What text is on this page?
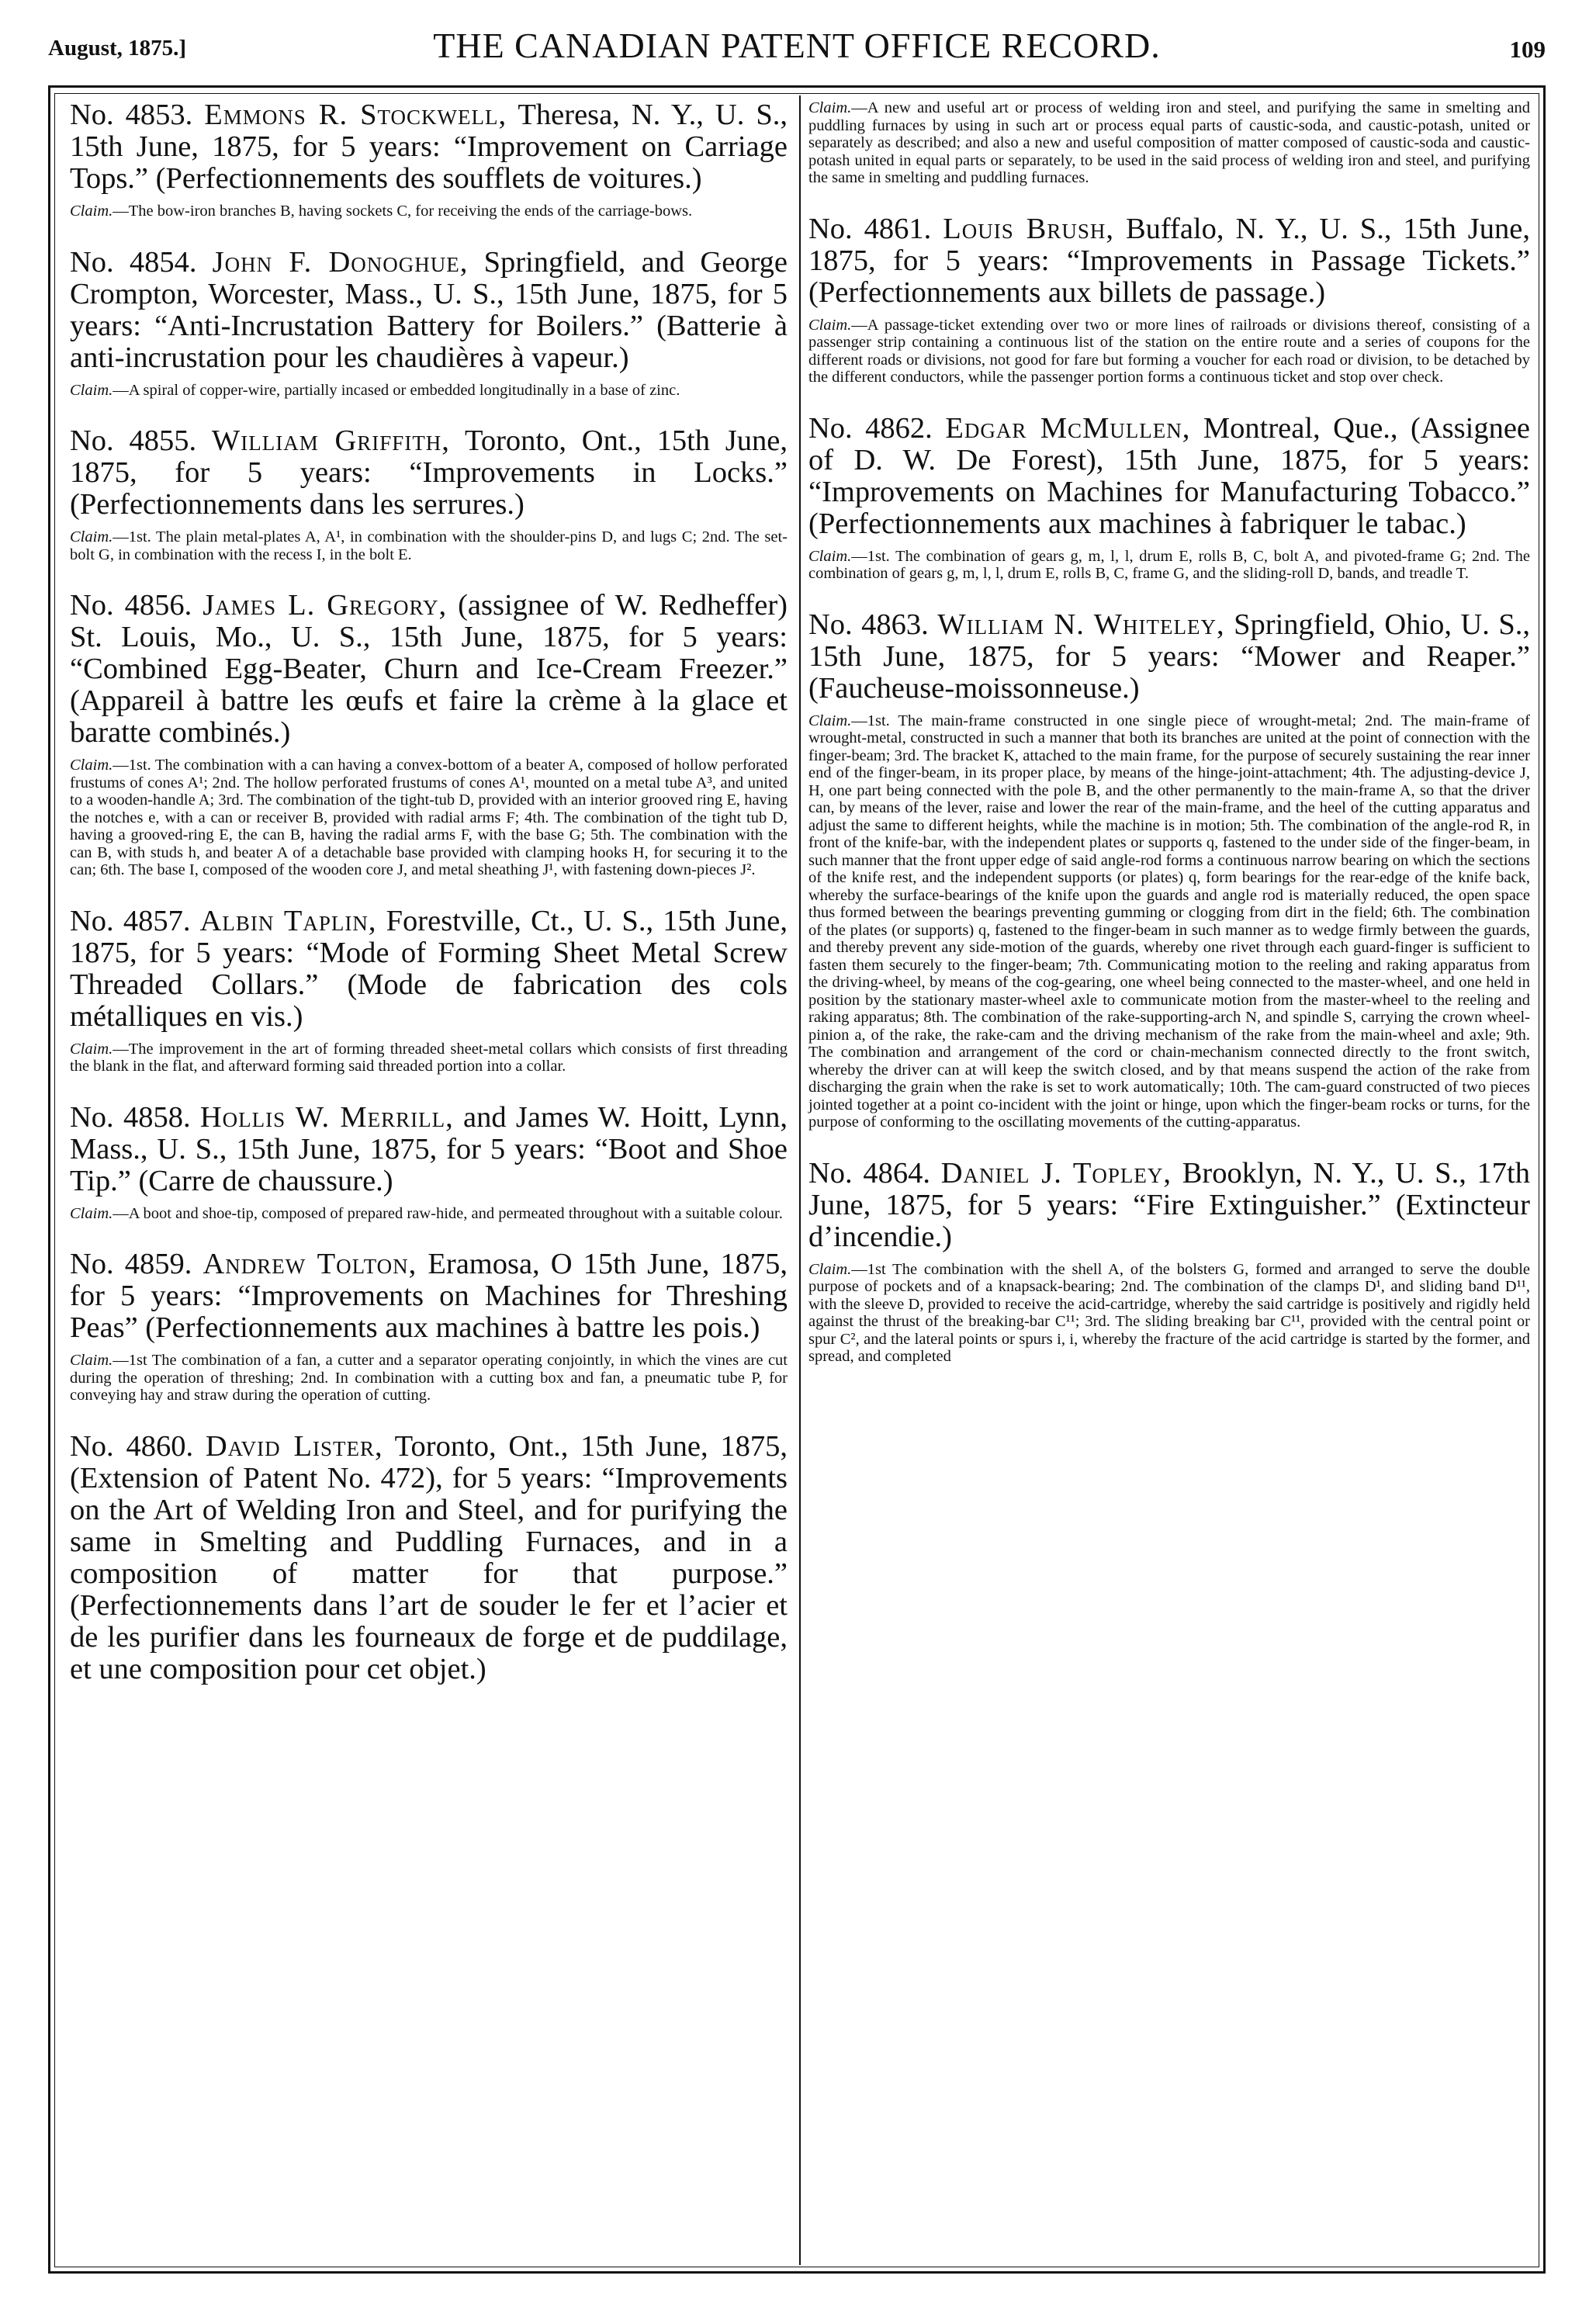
August, 1875.]	THE CANADIAN PATENT OFFICE RECORD.	109

No. 4853. Emmons R. Stockwell, Theresa, N. Y., U. S., 15th June, 1875, for 5 years: “Improvement on Carriage Tops.” (Perfectionnements des soufflets de voitures.)

Claim.—The bow-iron branches B, having sockets C, for receiving the ends of the carriage-bows.

No. 4854. John F. Donoghue, Springfield, and George Crompton, Worcester, Mass., U. S., 15th June, 1875, for 5 years: “Anti-Incrustation Battery for Boilers.” (Batterie à anti-incrustation pour les chaudières à vapeur.)

Claim.—A spiral of copper-wire, partially incased or embedded longitudinally in a base of zinc.

No. 4855. William Griffith, Toronto, Ont., 15th June, 1875, for 5 years: “Improvements in Locks.” (Perfectionnements dans les serrures.)

Claim.—1st. The plain metal-plates A, A¹, in combination with the shoulder-pins D, and lugs C; 2nd. The set-bolt G, in combination with the recess I, in the bolt E.

No. 4856. James L. Gregory, (assignee of W. Redheffer) St. Louis, Mo., U. S., 15th June, 1875, for 5 years: “Combined Egg-Beater, Churn and Ice-Cream Freezer.” (Appareil à battre les œufs et faire la crème à la glace et baratte combinés.)

Claim.—1st. The combination with a can having a convex-bottom of a beater A, composed of hollow perforated frustums of cones A¹; 2nd. The hollow perforated frustums of cones A¹, mounted on a metal tube A³, and united to a wooden-handle A; 3rd. The combination of the tight-tub D, provided with an interior grooved ring E, having the notches e, with a can or receiver B, provided with radial arms F; 4th. The combination of the tight tub D, having a grooved-ring E, the can B, having the radial arms F, with the base G; 5th. The combination with the can B, with studs h, and beater A of a detachable base provided with clamping hooks H, for securing it to the can; 6th. The base I, composed of the wooden core J, and metal sheathing J¹, with fastening down-pieces J².

No. 4857. Albin Taplin, Forestville, Ct., U. S., 15th June, 1875, for 5 years: “Mode of Forming Sheet Metal Screw Threaded Collars.” (Mode de fabrication des cols métalliques en vis.)

Claim.—The improvement in the art of forming threaded sheet-metal collars which consists of first threading the blank in the flat, and afterward forming said threaded portion into a collar.

No. 4858. Hollis W. Merrill, and James W. Hoitt, Lynn, Mass., U. S., 15th June, 1875, for 5 years: “Boot and Shoe Tip.” (Carre de chaussure.)

Claim.—A boot and shoe-tip, composed of prepared raw-hide, and permeated throughout with a suitable colour.

No. 4859. Andrew Tolton, Eramosa, O 15th June, 1875, for 5 years: “Improvements on Machines for Threshing Peas” (Perfectionnements aux machines à battre les pois.)

Claim.—1st The combination of a fan, a cutter and a separator operating conjointly, in which the vines are cut during the operation of threshing; 2nd. In combination with a cutting box and fan, a pneumatic tube P, for conveying hay and straw during the operation of cutting.

No. 4860. David Lister, Toronto, Ont., 15th June, 1875, (Extension of Patent No. 472), for 5 years: “Improvements on the Art of Welding Iron and Steel, and for purifying the same in Smelting and Puddling Furnaces, and in a composition of matter for that purpose.” (Perfectionnements dans l’art de souder le fer et l’acier et de les purifier dans les fourneaux de forge et de puddilage, et une composition pour cet objet.)

Claim.—A new and useful art or process of welding iron and steel, and purifying the same in smelting and puddling furnaces by using in such art or process equal parts of caustic-soda, and caustic-potash, united or separately as described; and also a new and useful composition of matter composed of caustic-soda and caustic-potash united in equal parts or separately, to be used in the said process of welding iron and steel, and purifying the same in smelting and puddling furnaces.

No. 4861. Louis Brush, Buffalo, N. Y., U. S., 15th June, 1875, for 5 years: “Improvements in Passage Tickets.” (Perfectionnements aux billets de passage.)

Claim.—A passage-ticket extending over two or more lines of railroads or divisions thereof, consisting of a passenger strip containing a continuous list of the station on the entire route and a series of coupons for the different roads or divisions, not good for fare but forming a voucher for each road or division, to be detached by the different conductors, while the passenger portion forms a continuous ticket and stop over check.

No. 4862. Edgar McMullen, Montreal, Que., (Assignee of D. W. De Forest), 15th June, 1875, for 5 years: “Improvements on Machines for Manufacturing Tobacco.” (Perfectionnements aux machines à fabriquer le tabac.)

Claim.—1st. The combination of gears g, m, l, l, drum E, rolls B, C, bolt A, and pivoted-frame G; 2nd. The combination of gears g, m, l, l, drum E, rolls B, C, frame G, and the sliding-roll D, bands, and treadle T.

No. 4863. William N. Whiteley, Springfield, Ohio, U. S., 15th June, 1875, for 5 years: “Mower and Reaper.” (Faucheuse-moissonneuse.)

Claim.—1st. The main-frame constructed in one single piece of wrought-metal; 2nd. The main-frame of wrought-metal, constructed in such a manner that both its branches are united at the point of connection with the finger-beam; 3rd. The bracket K, attached to the main frame, for the purpose of securely sustaining the rear inner end of the finger-beam, in its proper place, by means of the hinge-joint-attachment; 4th. The adjusting-device J, H, one part being connected with the pole B, and the other permanently to the main-frame A, so that the driver can, by means of the lever, raise and lower the rear of the main-frame, and the heel of the cutting apparatus and adjust the same to different heights, while the machine is in motion; 5th. The combination of the angle-rod R, in front of the knife-bar, with the independent plates or supports q, fastened to the under side of the finger-beam, in such manner that the front upper edge of said angle-rod forms a continuous narrow bearing on which the sections of the knife rest, and the independent supports (or plates) q, form bearings for the rear-edge of the knife back, whereby the surface-bearings of the knife upon the guards and angle rod is materially reduced, the open space thus formed between the bearings preventing gumming or clogging from dirt in the field; 6th. The combination of the plates (or supports) q, fastened to the finger-beam in such manner as to wedge firmly between the guards, and thereby prevent any side-motion of the guards, whereby one rivet through each guard-finger is sufficient to fasten them securely to the finger-beam; 7th. Communicating motion to the reeling and raking apparatus from the driving-wheel, by means of the cog-gearing, one wheel being connected to the master-wheel, and one held in position by the stationary master-wheel axle to communicate motion from the master-wheel to the reeling and raking apparatus; 8th. The combination of the rake-supporting-arch N, and spindle S, carrying the crown wheel-pinion a, of the rake, the rake-cam and the driving mechanism of the rake from the main-wheel and axle; 9th. The combination and arrangement of the cord or chain-mechanism connected directly to the front switch, whereby the driver can at will keep the switch closed, and by that means suspend the action of the rake from discharging the grain when the rake is set to work automatically; 10th. The cam-guard constructed of two pieces jointed together at a point co-incident with the joint or hinge, upon which the finger-beam rocks or turns, for the purpose of conforming to the oscillating movements of the cutting-apparatus.

No. 4864. Daniel J. Topley, Brooklyn, N. Y., U. S., 17th June, 1875, for 5 years: “Fire Extinguisher.” (Extincteur d’incendie.)

Claim.—1st The combination with the shell A, of the bolsters G, formed and arranged to serve the double purpose of pockets and of a knapsack-bearing; 2nd. The combination of the clamps D¹, and sliding band D¹¹, with the sleeve D, provided to receive the acid-cartridge, whereby the said cartridge is positively and rigidly held against the thrust of the breaking-bar C¹¹; 3rd. The sliding breaking bar C¹¹, provided with the central point or spur C², and the lateral points or spurs i, i, whereby the fracture of the acid cartridge is started by the former, and spread, and completed
